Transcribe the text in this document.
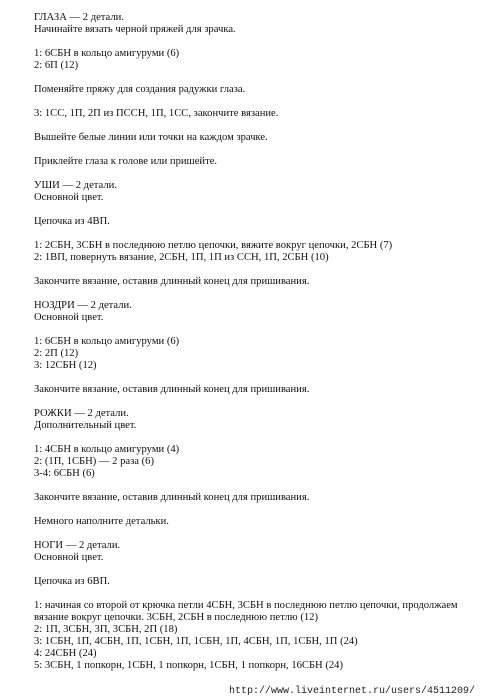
ГЛАЗА — 2 детали.
Начинайте вязать черной пряжей для зрачка.

1: 6СБН в кольцо амигуруми (6)
2: 6П (12)

Поменяйте пряжу для создания радужки глаза.

3: 1СС, 1П, 2П из ПССН, 1П, 1СС, закончите вязание.

Вышейте белые линии или точки на каждом зрачке.

Приклейте глаза к голове или пришейте.

УШИ — 2 детали.
Основной цвет.

Цепочка из 4ВП.

1: 2СБН, 3СБН в последнюю петлю цепочки, вяжите вокруг цепочки, 2СБН (7)
2: 1ВП, повернуть вязание, 2СБН, 1П, 1П из ССН, 1П, 2СБН (10)

Закончите вязание, оставив длинный конец для пришивания.

НОЗДРИ — 2 детали.
Основной цвет.

1: 6СБН в кольцо амигуруми (6)
2: 2П (12)
3: 12СБН (12)

Закончите вязание, оставив длинный конец для пришивания.

РОЖКИ — 2 детали.
Дополнительный цвет.

1: 4СБН в кольцо амигуруми (4)
2: (1П, 1СБН) — 2 раза (6)
3-4: 6СБН (6)

Закончите вязание, оставив длинный конец для пришивания.

Немного наполните детальки.

НОГИ — 2 детали.
Основной цвет.

Цепочка из 6ВП.

1: начиная со второй от крючка петли 4СБН, 3СБН в последнюю петлю цепочки, продолжаем
вязание вокруг цепочки. 3СБН, 2СБН в последнюю петлю (12)
2: 1П, 3СБН, 3П, 3СБН, 2П (18)
3: 1СБН, 1П, 4СБН, 1П, 1СБН, 1П, 1СБН, 1П, 4СБН, 1П, 1СБН, 1П (24)
4: 24СБН (24)
5: 3СБН, 1 попкорн, 1СБН, 1 попкорн, 1СБН, 1 попкорн, 16СБН (24)
http://www.liveinternet.ru/users/4511209/
